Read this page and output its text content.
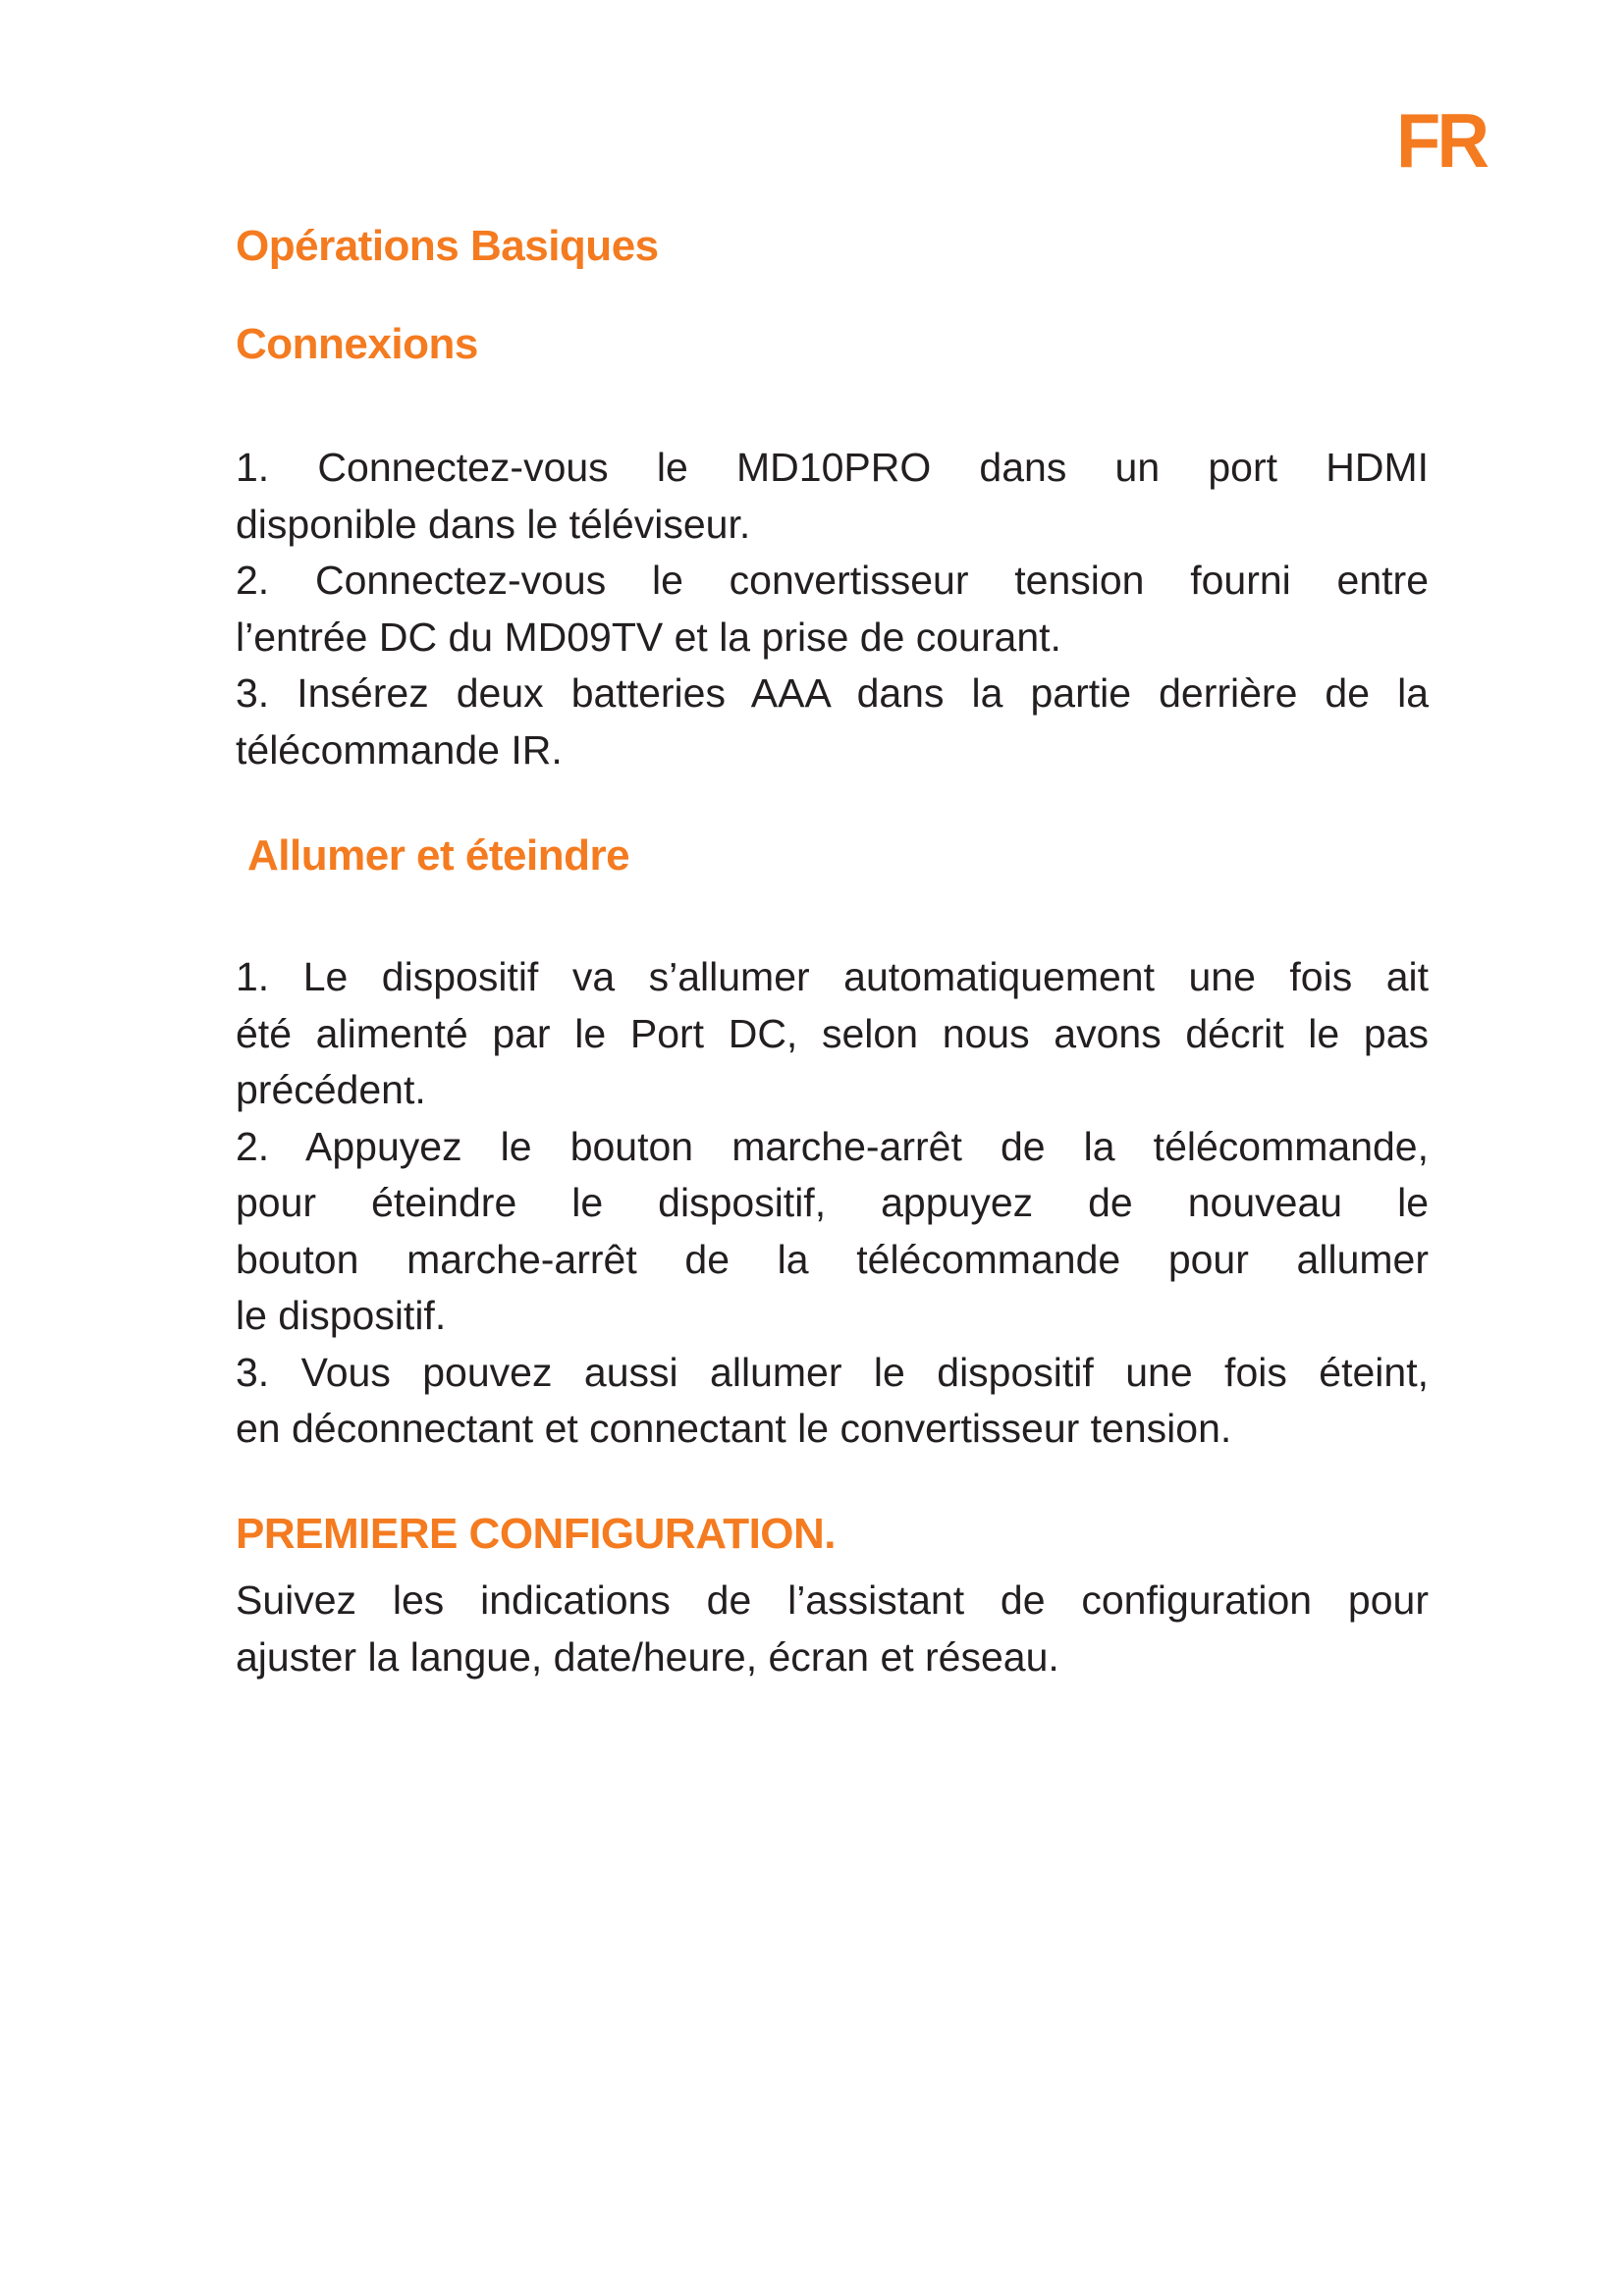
FR
Opérations Basiques
Connexions
1. Connectez-vous le MD10PRO dans un port HDMI
disponible dans le téléviseur.
2. Connectez-vous le convertisseur tension fourni entre
l’entrée DC du MD09TV et la prise de courant.
3. Insérez deux batteries AAA dans la partie derrière de la
télécommande IR.
Allumer et éteindre
1. Le dispositif va s’allumer automatiquement une fois ait
été alimenté par le Port DC, selon nous avons décrit le pas
précédent.
2. Appuyez le bouton marche-arrêt de la télécommande,
pour éteindre le dispositif, appuyez de nouveau le
bouton marche-arrêt de la télécommande pour allumer
le dispositif.
3. Vous pouvez aussi allumer le dispositif une fois éteint,
en déconnectant et connectant le convertisseur tension.
PREMIERE CONFIGURATION.
Suivez les indications de l’assistant de configuration pour
ajuster la langue, date/heure, écran et réseau.
